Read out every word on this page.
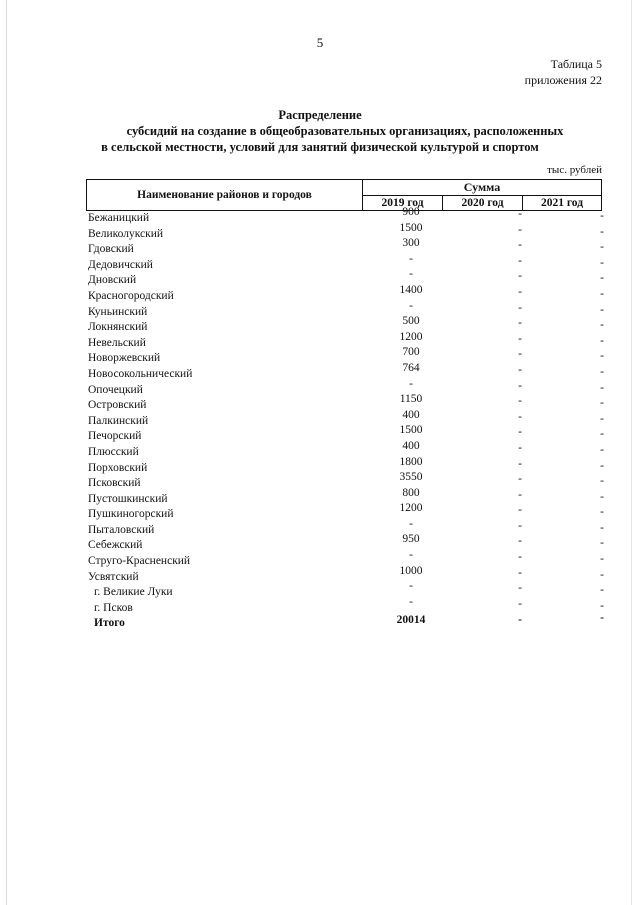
5
Таблица 5
приложения 22
Распределение
субсидий на создание в общеобразовательных организациях, расположенных
в сельской местности, условий для занятий физической культурой и спортом
тыс. рублей
Наименование районов и городов
Сумма
2019 год	2020 год	2021 год
Бежаницкий	900	-	-
Великолукский	1500	-	-
Гдовский	300	-	-
Дедовичский	-	-	-
Дновский	-	-	-
Красногородский	1400	-	-
Куньинский	-	-	-
Локнянский	500	-	-
Невельский	1200	-	-
Новоржевский	700	-	-
Новосокольнический	764	-	-
Опочецкий	-	-	-
Островский	1150	-	-
Палкинский	400	-	-
Печорский	1500	-	-
Плюсский	400	-	-
Порховский	1800	-	-
Псковский	3550	-	-
Пустошкинский	800	-	-
Пушкиногорский	1200	-	-
Пыталовский	-	-	-
Себежский	950	-	-
Струго-Красненский	-	-	-
Усвятский	1000	-	-
г. Великие Луки	-	-	-
г. Псков	-	-	-
Итого	20014	-	-
